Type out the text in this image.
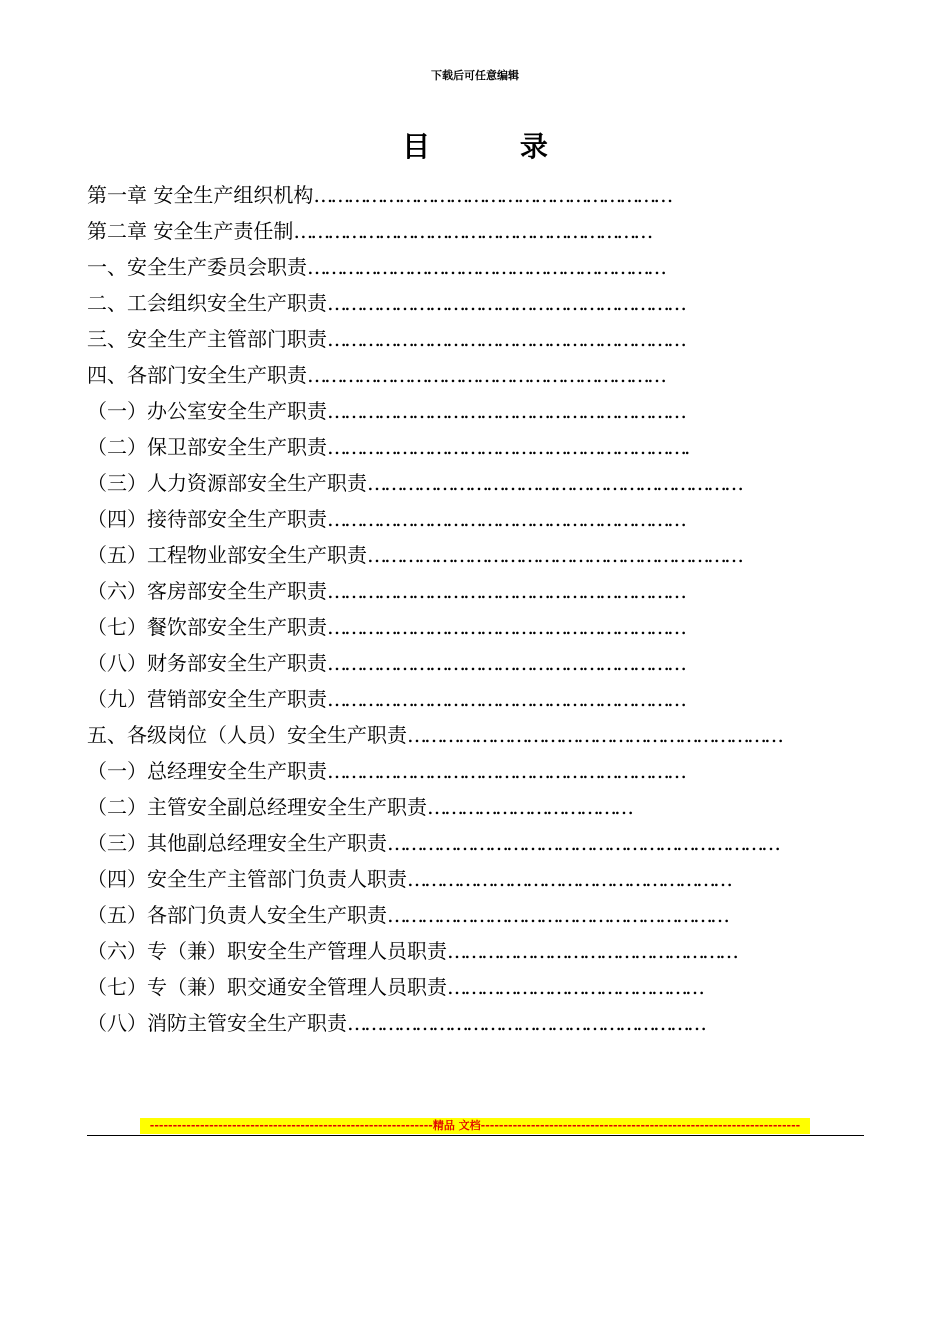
下载后可任意编辑
目 录
第一章 安全生产组织机构………………………………………………………
第二章 安全生产责任制………………………………………………………
一、安全生产委员会职责………………………………………………………
二、工会组织安全生产职责………………………………………………………
三、安全生产主管部门职责………………………………………………………
四、各部门安全生产职责………………………………………………………
（一）办公室安全生产职责………………………………………………………
（二）保卫部安全生产职责……………………………………………………….
（三）人力资源部安全生产职责…………………………………………………………
（四）接待部安全生产职责………………………………………………………
（五）工程物业部安全生产职责…………………………………………………………
（六）客房部安全生产职责………………………………………………………
（七）餐饮部安全生产职责………………………………………………………
（八）财务部安全生产职责………………………………………………………
（九）营销部安全生产职责………………………………………………………
五、各级岗位（人员）安全生产职责…………………………………………………………
（一）总经理安全生产职责………………………………………………………
（二）主管安全副总经理安全生产职责………………………………
（三）其他副总经理安全生产职责……………………………………………………………
（四）安全生产主管部门负责人职责…………………………………………………
（五）各部门负责人安全生产职责……………………………………………………
（六）专（兼）职安全生产管理人员职责……………………………………………
（七）专（兼）职交通安全管理人员职责………………………………………
（八）消防主管安全生产职责………………………………………………………
--------------------------------------------------------------精品 文档----------------------------------------------------------------------
